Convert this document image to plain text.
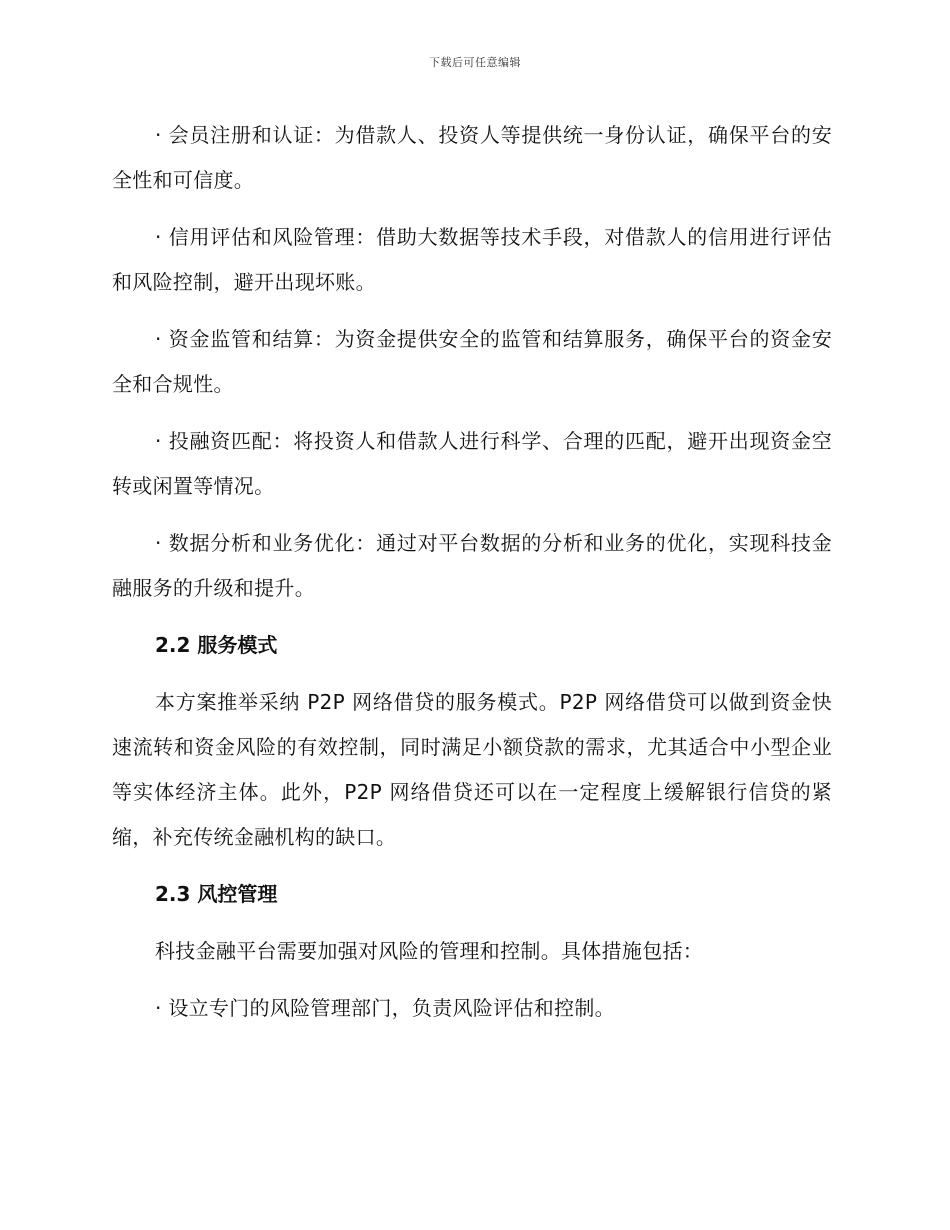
下载后可任意编辑

· 会员注册和认证：为借款人、投资人等提供统一身份认证，确保平台的安全性和可信度。

· 信用评估和风险管理：借助大数据等技术手段，对借款人的信用进行评估和风险控制，避开出现坏账。

· 资金监管和结算：为资金提供安全的监管和结算服务，确保平台的资金安全和合规性。

· 投融资匹配：将投资人和借款人进行科学、合理的匹配，避开出现资金空转或闲置等情况。

· 数据分析和业务优化：通过对平台数据的分析和业务的优化，实现科技金融服务的升级和提升。

2.2 服务模式

本方案推举采纳 P2P 网络借贷的服务模式。P2P 网络借贷可以做到资金快速流转和资金风险的有效控制，同时满足小额贷款的需求，尤其适合中小型企业等实体经济主体。此外，P2P 网络借贷还可以在一定程度上缓解银行信贷的紧缩，补充传统金融机构的缺口。

2.3 风控管理

科技金融平台需要加强对风险的管理和控制。具体措施包括：

· 设立专门的风险管理部门，负责风险评估和控制。
